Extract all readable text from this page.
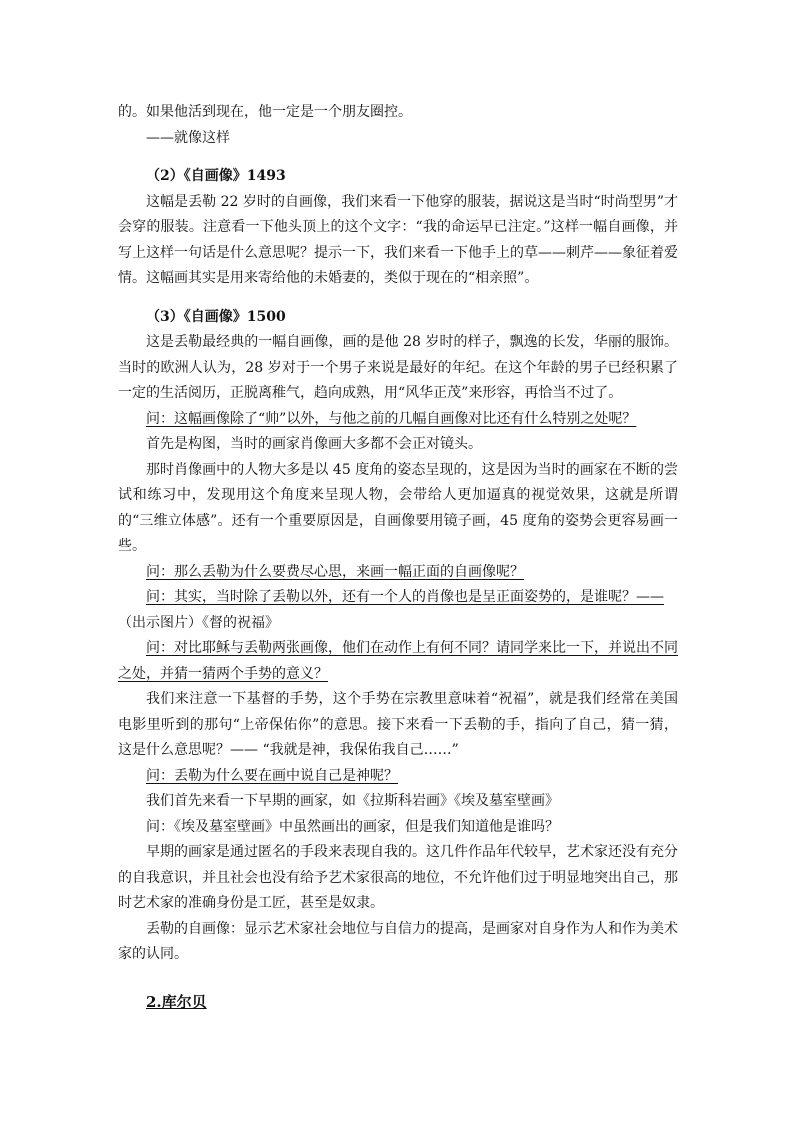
的。如果他活到现在，他一定是一个朋友圈控。

——就像这样

（2）《自画像》1493

这幅是丢勒 22 岁时的自画像，我们来看一下他穿的服装，据说这是当时“时尚型男”才会穿的服装。注意看一下他头顶上的这个文字：“我的命运早已注定。”这样一幅自画像，并写上这样一句话是什么意思呢？提示一下，我们来看一下他手上的草——刺芹——象征着爱情。这幅画其实是用来寄给他的未婚妻的，类似于现在的“相亲照”。

（3）《自画像》1500

这是丢勒最经典的一幅自画像，画的是他 28 岁时的样子，飘逸的长发，华丽的服饰。当时的欧洲人认为，28 岁对于一个男子来说是最好的年纪。在这个年龄的男子已经积累了一定的生活阅历，正脱离稚气，趋向成熟，用“风华正茂”来形容，再恰当不过了。

问：这幅画像除了“帅”以外，与他之前的几幅自画像对比还有什么特别之处呢？

首先是构图，当时的画家肖像画大多都不会正对镜头。

那时肖像画中的人物大多是以 45 度角的姿态呈现的，这是因为当时的画家在不断的尝试和练习中，发现用这个角度来呈现人物，会带给人更加逼真的视觉效果，这就是所谓的“三维立体感”。还有一个重要原因是，自画像要用镜子画，45 度角的姿势会更容易画一些。

问：那么丢勒为什么要费尽心思，来画一幅正面的自画像呢？

问：其实，当时除了丢勒以外，还有一个人的肖像也是呈正面姿势的，是谁呢？——

（出示图片）《督的祝福》

问：对比耶稣与丢勒两张画像，他们在动作上有何不同？请同学来比一下，并说出不同之处，并猜一猜两个手势的意义？

我们来注意一下基督的手势，这个手势在宗教里意味着“祝福”，就是我们经常在美国电影里听到的那句“上帝保佑你”的意思。接下来看一下丢勒的手，指向了自己，猜一猜，这是什么意思呢？—— “我就是神，我保佑我自己……”

问：丢勒为什么要在画中说自己是神呢？

我们首先来看一下早期的画家，如《拉斯科岩画》《埃及墓室壁画》

问：《埃及墓室壁画》中虽然画出的画家，但是我们知道他是谁吗？

早期的画家是通过匿名的手段来表现自我的。这几件作品年代较早，艺术家还没有充分的自我意识，并且社会也没有给予艺术家很高的地位，不允许他们过于明显地突出自己，那时艺术家的准确身份是工匠，甚至是奴隶。

丢勒的自画像：显示艺术家社会地位与自信力的提高，是画家对自身作为人和作为美术家的认同。

2.库尔贝
